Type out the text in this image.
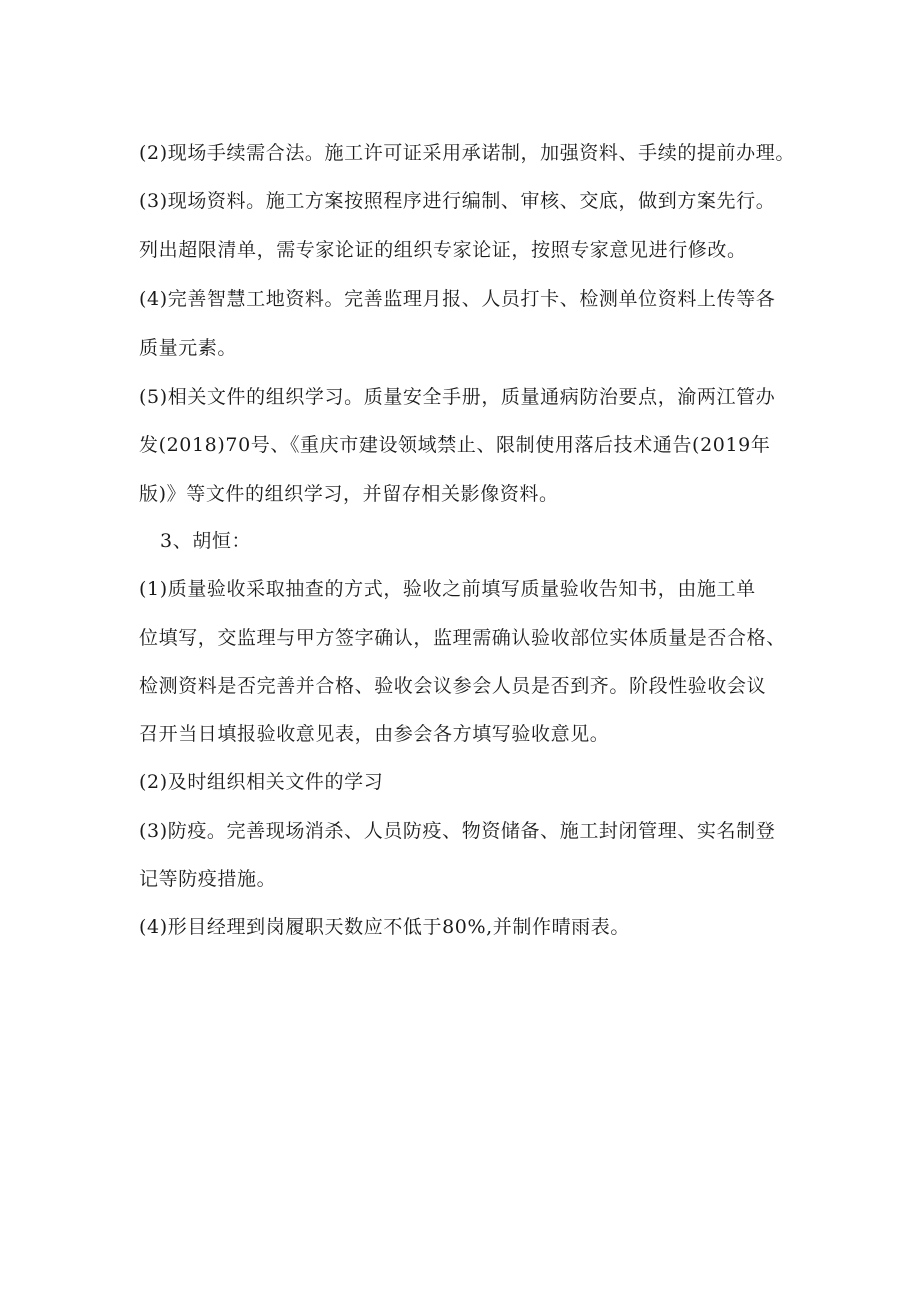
(2)现场手续需合法。施工许可证采用承诺制，加强资料、手续的提前办理。
(3)现场资料。施工方案按照程序进行编制、审核、交底，做到方案先行。
列出超限清单，需专家论证的组织专家论证，按照专家意见进行修改。
(4)完善智慧工地资料。完善监理月报、人员打卡、检测单位资料上传等各
质量元素。
(5)相关文件的组织学习。质量安全手册，质量通病防治要点，渝两江管办
发(2018)70号、《重庆市建设领域禁止、限制使用落后技术通告(2019年
版)》等文件的组织学习，并留存相关影像资料。
3、胡恒：
(1)质量验收采取抽查的方式，验收之前填写质量验收告知书，由施工单
位填写，交监理与甲方签字确认，监理需确认验收部位实体质量是否合格、
检测资料是否完善并合格、验收会议参会人员是否到齐。阶段性验收会议
召开当日填报验收意见表，由参会各方填写验收意见。
(2)及时组织相关文件的学习
(3)防疫。完善现场消杀、人员防疫、物资储备、施工封闭管理、实名制登
记等防疫措施。
(4)形目经理到岗履职天数应不低于80%,并制作晴雨表。
